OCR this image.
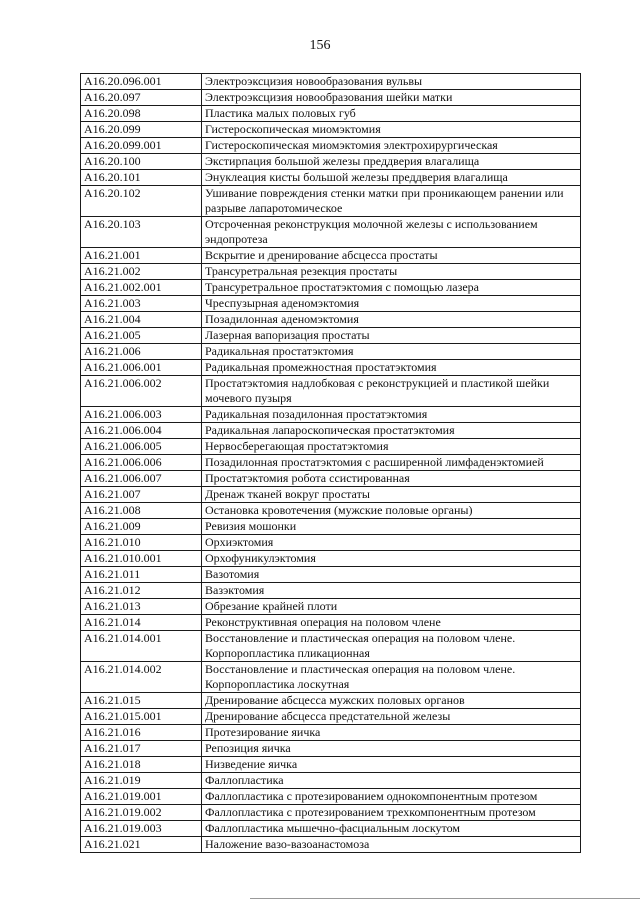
156
A16.20.096.001	Электроэксцизия новообразования вульвы
A16.20.097	Электроэксцизия новообразования шейки матки
A16.20.098	Пластика малых половых губ
A16.20.099	Гистероскопическая миомэктомия
A16.20.099.001	Гистероскопическая миомэктомия электрохирургическая
A16.20.100	Экстирпация большой железы преддверия влагалища
A16.20.101	Энуклеация кисты большой железы преддверия влагалища
A16.20.102	Ушивание повреждения стенки матки при проникающем ранении или разрыве лапаротомическое
A16.20.103	Отсроченная реконструкция молочной железы с использованием эндопротеза
A16.21.001	Вскрытие и дренирование абсцесса простаты
A16.21.002	Трансуретральная резекция простаты
A16.21.002.001	Трансуретральное простатэктомия с помощью лазера
A16.21.003	Чреспузырная аденомэктомия
A16.21.004	Позадилонная аденомэктомия
A16.21.005	Лазерная вапоризация простаты
A16.21.006	Радикальная простатэктомия
A16.21.006.001	Радикальная промежностная простатэктомия
A16.21.006.002	Простатэктомия надлобковая с реконструкцией и пластикой шейки мочевого пузыря
A16.21.006.003	Радикальная позадилонная простатэктомия
A16.21.006.004	Радикальная лапароскопическая простатэктомия
A16.21.006.005	Нервосберегающая простатэктомия
A16.21.006.006	Позадилонная простатэктомия с расширенной лимфаденэктомией
A16.21.006.007	Простатэктомия робота ссистированная
A16.21.007	Дренаж тканей вокруг простаты
A16.21.008	Остановка кровотечения (мужские половые органы)
A16.21.009	Ревизия мошонки
A16.21.010	Орхиэктомия
A16.21.010.001	Орхофуникулэктомия
A16.21.011	Вазотомия
A16.21.012	Вазэктомия
A16.21.013	Обрезание крайней плоти
A16.21.014	Реконструктивная операция на половом члене
A16.21.014.001	Восстановление и пластическая операция на половом члене. Корпоропластика пликационная
A16.21.014.002	Восстановление и пластическая операция на половом члене. Корпоропластика лоскутная
A16.21.015	Дренирование абсцесса мужских половых органов
A16.21.015.001	Дренирование абсцесса предстательной железы
A16.21.016	Протезирование яичка
A16.21.017	Репозиция яичка
A16.21.018	Низведение яичка
A16.21.019	Фаллопластика
A16.21.019.001	Фаллопластика с протезированием однокомпонентным протезом
A16.21.019.002	Фаллопластика с протезированием трехкомпонентным протезом
A16.21.019.003	Фаллопластика мышечно-фасциальным лоскутом
A16.21.021	Наложение вазо-вазоанастомоза
